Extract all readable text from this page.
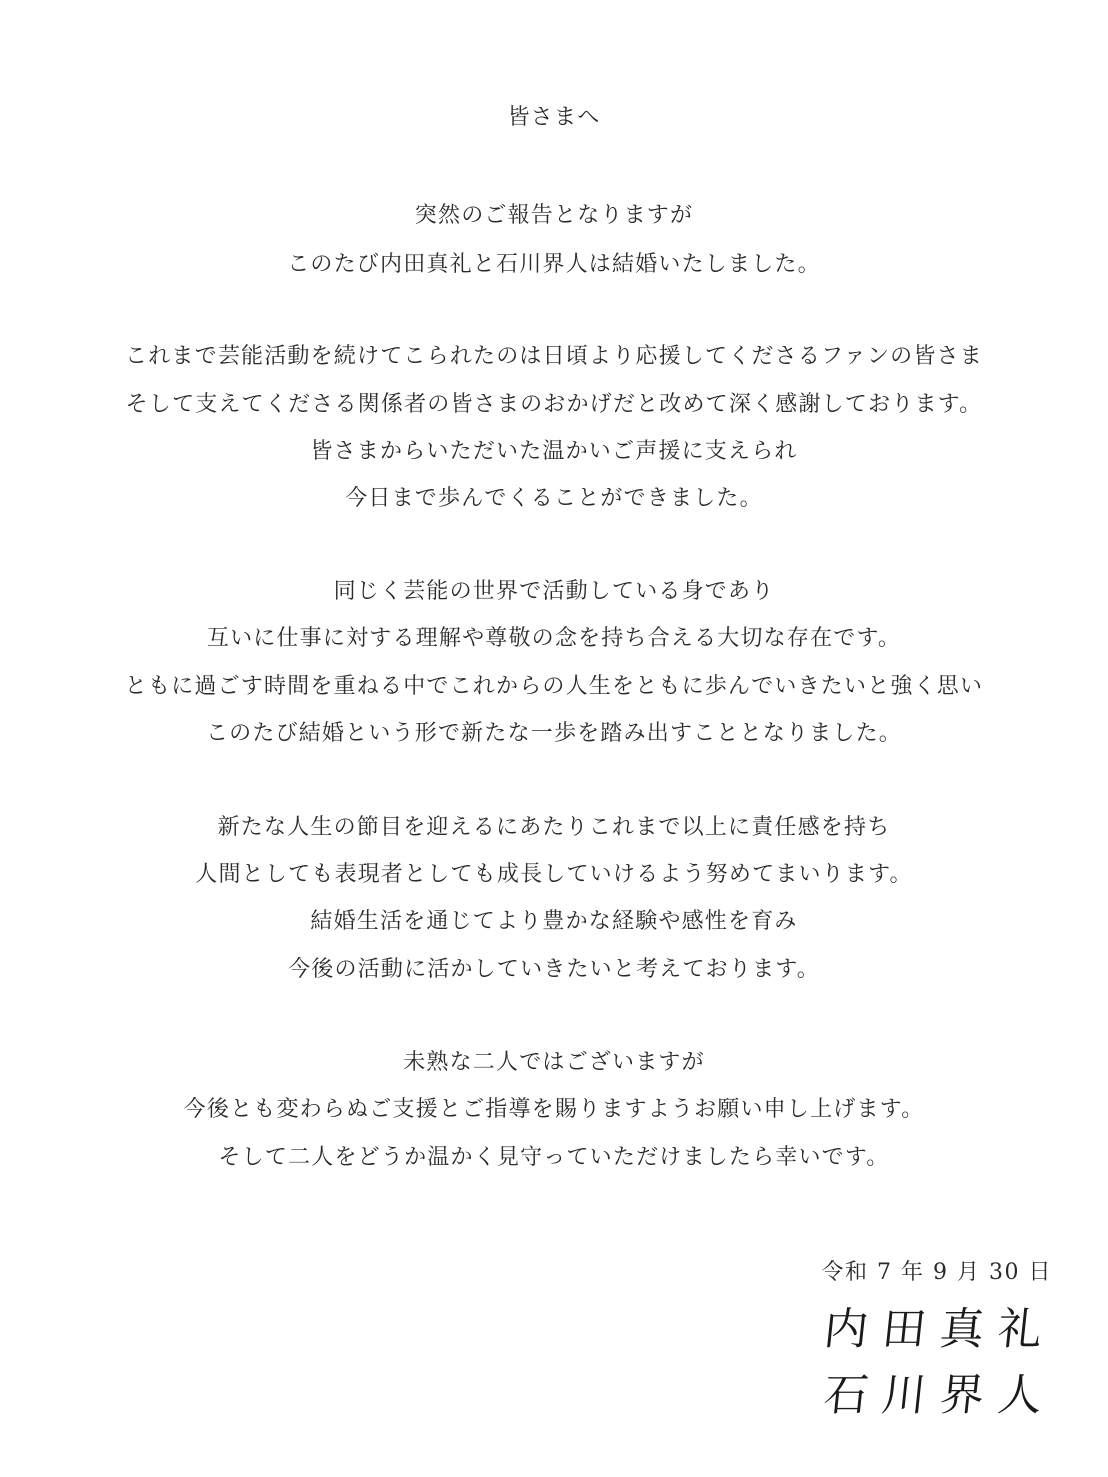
皆さまへ
突然のご報告となりますが
このたび内田真礼と石川界人は結婚いたしました。
これまで芸能活動を続けてこられたのは日頃より応援してくださるファンの皆さま
そして支えてくださる関係者の皆さまのおかげだと改めて深く感謝しております。
皆さまからいただいた温かいご声援に支えられ
今日まで歩んでくることができました。
同じく芸能の世界で活動している身であり
互いに仕事に対する理解や尊敬の念を持ち合える大切な存在です。
ともに過ごす時間を重ねる中でこれからの人生をともに歩んでいきたいと強く思い
このたび結婚という形で新たな一歩を踏み出すこととなりました。
新たな人生の節目を迎えるにあたりこれまで以上に責任感を持ち
人間としても表現者としても成長していけるよう努めてまいります。
結婚生活を通じてより豊かな経験や感性を育み
今後の活動に活かしていきたいと考えております。
未熟な二人ではございますが
今後とも変わらぬご支援とご指導を賜りますようお願い申し上げます。
そして二人をどうか温かく見守っていただけましたら幸いです。
令和 7 年 9 月 30 日
内田真礼
石川界人
